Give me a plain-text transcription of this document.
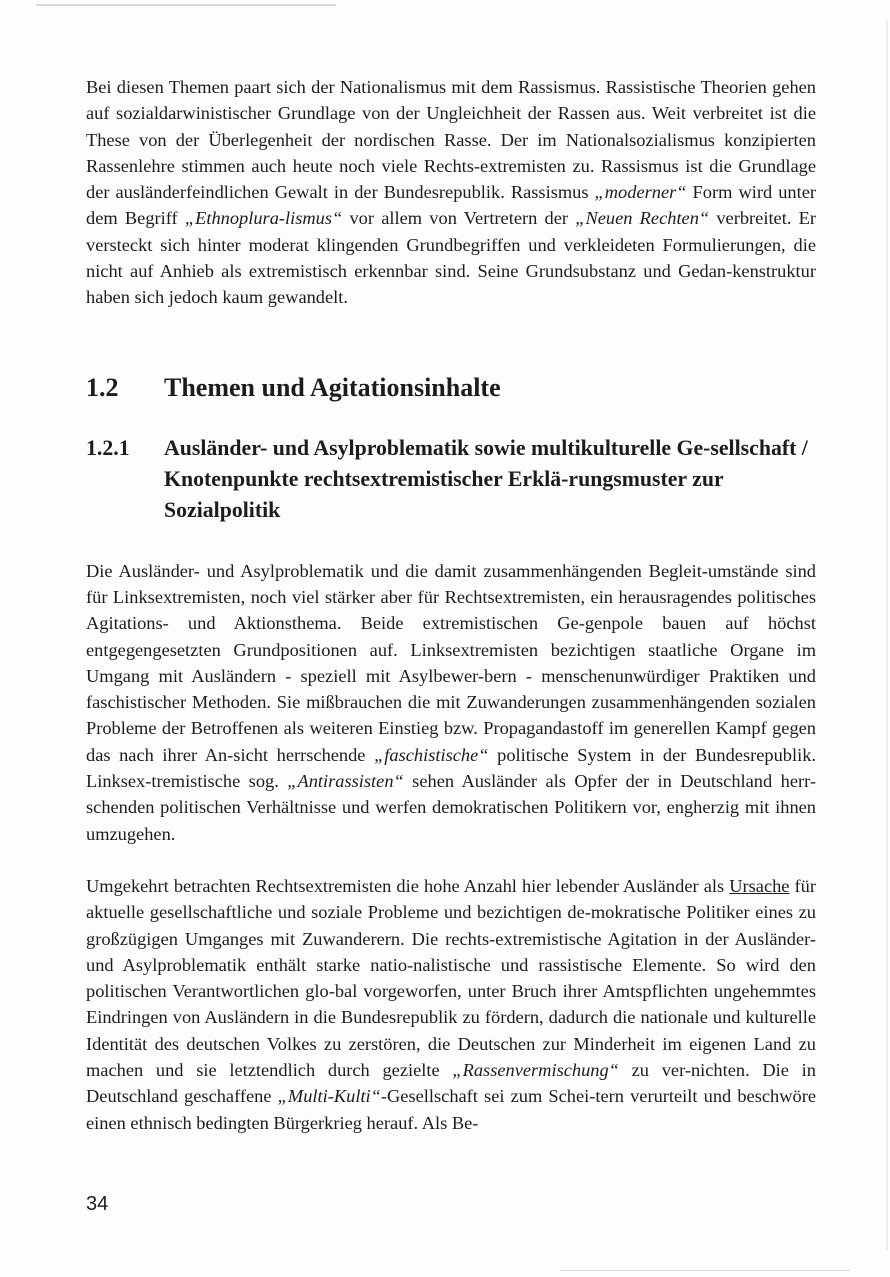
Bei diesen Themen paart sich der Nationalismus mit dem Rassismus. Rassistische Theorien gehen auf sozialdarwinistischer Grundlage von der Ungleichheit der Rassen aus. Weit verbreitet ist die These von der Überlegenheit der nordischen Rasse. Der im Nationalsozialismus konzipierten Rassenlehre stimmen auch heute noch viele Rechts-extremisten zu. Rassismus ist die Grundlage der ausländerfeindlichen Gewalt in der Bundesrepublik. Rassismus „moderner“ Form wird unter dem Begriff „Ethnoplura-lismus“ vor allem von Vertretern der „Neuen Rechten“ verbreitet. Er versteckt sich hinter moderat klingenden Grundbegriffen und verkleideten Formulierungen, die nicht auf Anhieb als extremistisch erkennbar sind. Seine Grundsubstanz und Gedan-kenstruktur haben sich jedoch kaum gewandelt.

1.2	Themen und Agitationsinhalte
1.2.1	Ausländer- und Asylproblematik sowie multikulturelle Ge-sellschaft / Knotenpunkte rechtsextremistischer Erklä-rungsmuster zur Sozialpolitik

Die Ausländer- und Asylproblematik und die damit zusammenhängenden Begleit-umstände sind für Linksextremisten, noch viel stärker aber für Rechtsextremisten, ein herausragendes politisches Agitations- und Aktionsthema. Beide extremistischen Ge-genpole bauen auf höchst entgegengesetzten Grundpositionen auf. Linksextremisten bezichtigen staatliche Organe im Umgang mit Ausländern - speziell mit Asylbewer-bern - menschenunwürdiger Praktiken und faschistischer Methoden. Sie mißbrauchen die mit Zuwanderungen zusammenhängenden sozialen Probleme der Betroffenen als weiteren Einstieg bzw. Propagandastoff im generellen Kampf gegen das nach ihrer An-sicht herrschende „faschistische“ politische System in der Bundesrepublik. Linksex-tremistische sog. „Antirassisten“ sehen Ausländer als Opfer der in Deutschland herr-schenden politischen Verhältnisse und werfen demokratischen Politikern vor, engherzig mit ihnen umzugehen.

Umgekehrt betrachten Rechtsextremisten die hohe Anzahl hier lebender Ausländer als Ursache für aktuelle gesellschaftliche und soziale Probleme und bezichtigen de-mokratische Politiker eines zu großzügigen Umganges mit Zuwanderern. Die rechts-extremistische Agitation in der Ausländer- und Asylproblematik enthält starke natio-nalistische und rassistische Elemente. So wird den politischen Verantwortlichen glo-bal vorgeworfen, unter Bruch ihrer Amtspflichten ungehemmtes Eindringen von Ausländern in die Bundesrepublik zu fördern, dadurch die nationale und kulturelle Identität des deutschen Volkes zu zerstören, die Deutschen zur Minderheit im eigenen Land zu machen und sie letztendlich durch gezielte „Rassenvermischung“ zu ver-nichten. Die in Deutschland geschaffene „Multi-Kulti“-Gesellschaft sei zum Schei-tern verurteilt und beschwöre einen ethnisch bedingten Bürgerkrieg herauf. Als Be-

34
